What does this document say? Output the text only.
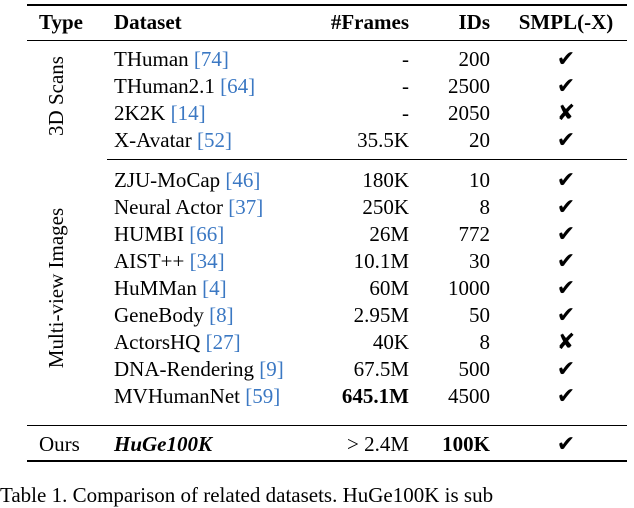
Type Dataset	#Frames	IDs	SMPL(-X)
3D Scans
Multi-view Images
THuman [74]	-	200	✔
THuman2.1 [64]	-	2500	✔
2K2K [14]	-	2050	✘
X-Avatar [52]	35.5K	20	✔
ZJU-MoCap [46]	180K	10	✔
Neural Actor [37]	250K	8	✔
HUMBI [66]	26M	772	✔
AIST++ [34]	10.1M	30	✔
HuMMan [4]	60M	1000	✔
GeneBody [8]	2.95M	50	✔
ActorsHQ [27]	40K	8	✘
DNA-Rendering [9]	67.5M	500	✔
MVHumanNet [59]	645.1M	4500	✔
Ours HuGe100K	> 2.4M	100K	✔
Table 1. Comparison of related datasets. HuGe100K is sub
